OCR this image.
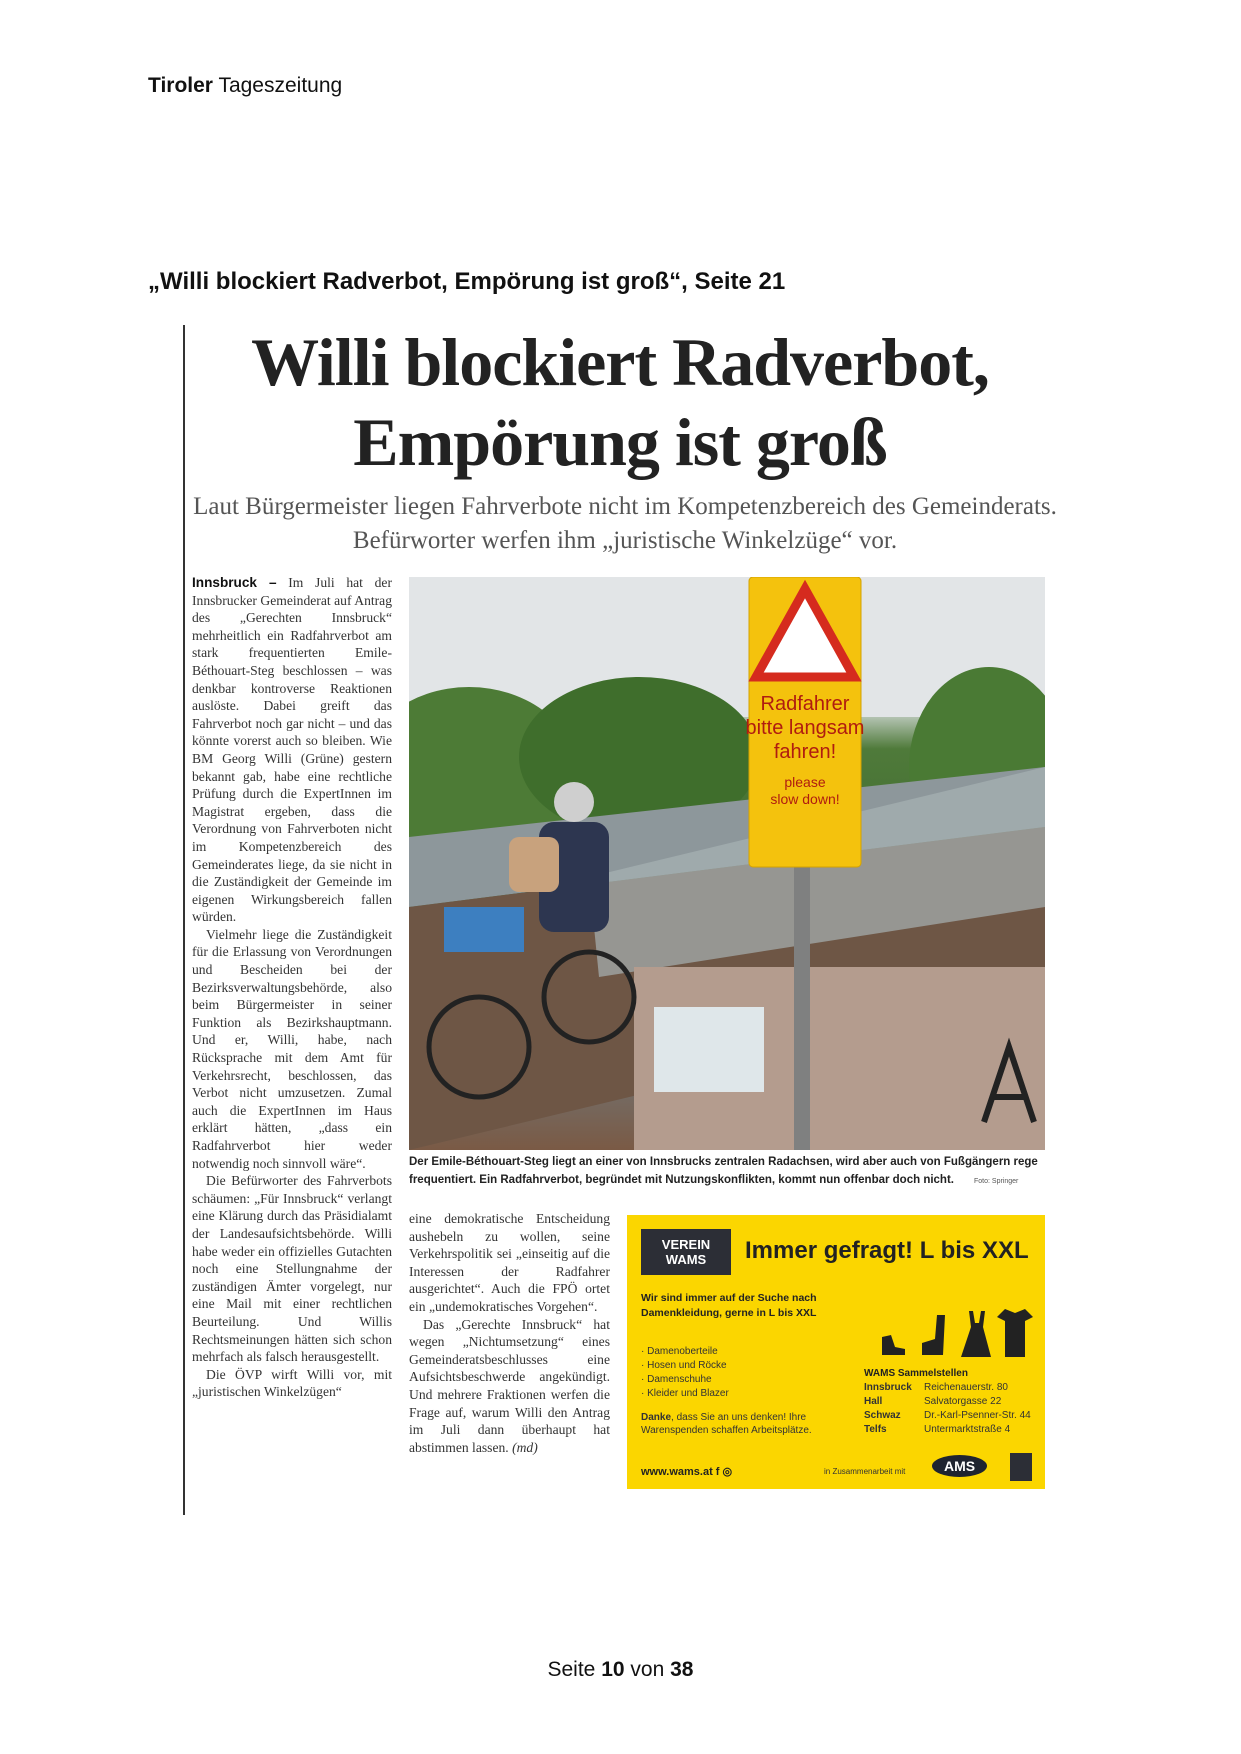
Tiroler Tageszeitung
„Willi blockiert Radverbot, Empörung ist groß“, Seite 21
Willi blockiert Radverbot,
Empörung ist groß
Laut Bürgermeister liegen Fahrverbote nicht im Kompetenzbereich des Gemeinderats. Befürworter werfen ihm „juristische Winkelzüge“ vor.

Innsbruck – Im Juli hat der Innsbrucker Gemeinderat auf Antrag des „Gerechten Innsbruck“ mehrheitlich ein Radfahrverbot am stark frequentierten Emile-Béthouart-Steg beschlossen – was denkbar kontroverse Reaktionen auslöste. Dabei greift das Fahrverbot noch gar nicht – und das könnte vorerst auch so bleiben. Wie BM Georg Willi (Grüne) gestern bekannt gab, habe eine rechtliche Prüfung durch die ExpertInnen im Magistrat ergeben, dass die Verordnung von Fahrverboten nicht im Kompetenzbereich des Gemeinderates liege, da sie nicht in die Zuständigkeit der Gemeinde im eigenen Wirkungsbereich fallen würden.

Vielmehr liege die Zuständigkeit für die Erlassung von Verordnungen und Bescheiden bei der Bezirksverwaltungsbehörde, also beim Bürgermeister in seiner Funktion als Bezirkshauptmann. Und er, Willi, habe, nach Rücksprache mit dem Amt für Verkehrsrecht, beschlossen, das Verbot nicht umzusetzen. Zumal auch die ExpertInnen im Haus erklärt hätten, „dass ein Radfahrverbot hier weder notwendig noch sinnvoll wäre“.

Die Befürworter des Fahrverbots schäumen: „Für Innsbruck“ verlangt eine Klärung durch das Präsidialamt der Landesaufsichtsbehörde. Willi habe weder ein offizielles Gutachten noch eine Stellungnahme der zuständigen Ämter vorgelegt, nur eine Mail mit einer rechtlichen Beurteilung. Und Willis Rechtsmeinungen hätten sich schon mehrfach als falsch herausgestellt.

Die ÖVP wirft Willi vor, mit „juristischen Winkelzügen“

Radfahrer
bitte langsam
fahren!
please
slow down!
Der Emile-Béthouart-Steg liegt an einer von Innsbrucks zentralen Radachsen, wird aber auch von Fußgängern rege frequentiert. Ein Radfahrverbot, begründet mit Nutzungskonflikten, kommt nun offenbar doch nicht.	Foto: Springer

eine demokratische Entscheidung aushebeln zu wollen, seine Verkehrspolitik sei „einseitig auf die Interessen der Radfahrer ausgerichtet“. Auch die FPÖ ortet ein „undemokratisches Vorgehen“.

Das „Gerechte Innsbruck“ hat wegen „Nichtumsetzung“ eines Gemeinderatsbeschlusses eine Aufsichtsbeschwerde angekündigt. Und mehrere Fraktionen werfen die Frage auf, warum Willi den Antrag im Juli dann überhaupt hat abstimmen lassen. (md)

VEREIN WAMS	Immer gefragt! L bis XXL
Wir sind immer auf der Suche nach Damenkleidung, gerne in L bis XXL
· Damenoberteile
· Hosen und Röcke
· Damenschuhe
· Kleider und Blazer
Danke, dass Sie an uns denken! Ihre Warenspenden schaffen Arbeitsplätze.
WAMS Sammelstellen
Innsbruck Reichenauerstr. 80
Hall	Salvatorgasse 22
Schwaz Dr.-Karl-Psenner-Str. 44
Telfs	Untermarktstraße 4
www.wams.at f ◎	in Zusammenarbeit mit	AMS
Seite 10 von 38
